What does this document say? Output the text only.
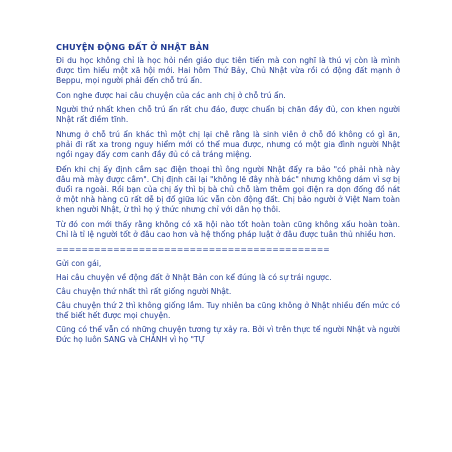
CHUYỆN ĐỘNG ĐẤT Ở NHẬT BẢN

Đi du học không chỉ là học hỏi nền giáo dục tiên tiến mà con nghĩ là thú vị còn là mình được tìm hiểu một xã hội mới. Hai hôm Thứ Bảy, Chủ Nhật vừa rồi có động đất mạnh ở Beppu, mọi người phải đến chỗ trú ẩn.

Con nghe được hai câu chuyện của các anh chị ở chỗ trú ẩn.

Người thứ nhất khen chỗ trú ẩn rất chu đáo, được chuẩn bị chăn đầy đủ, con khen người Nhật rất điềm tĩnh.

Nhưng ở chỗ trú ẩn khác thì một chị lại chê rằng là sinh viên ở chỗ đó không có gì ăn, phải đi rất xa trong nguy hiểm mới có thể mua được, nhưng có một gia đình người Nhật ngồi ngay đấy cơm canh đầy đủ có cả tráng miệng.

Đến khi chị ấy định cắm sạc điện thoại thì ông người Nhật đẩy ra bảo "có phải nhà này đâu mà mày được cắm". Chị định cãi lại "không lẽ đây nhà bác" nhưng không dám vì sợ bị đuổi ra ngoài. Rồi bạn của chị ấy thì bị bà chủ chỗ làm thêm gọi điện ra dọn đống đồ nát ở một nhà hàng cũ rất dễ bị đổ giữa lúc vẫn còn động đất. Chị bảo người ở Việt Nam toàn khen người Nhật, ừ thì họ ý thức nhưng chỉ với dân họ thôi.

Từ đó con mới thấy rằng không có xã hội nào tốt hoàn toàn cũng không xấu hoàn toàn. Chỉ là tỉ lệ người tốt ở đâu cao hơn và hệ thống pháp luật ở đâu được tuân thủ nhiều hơn.

===========================================

Gửi con gái,

Hai câu chuyện về động đất ở Nhật Bản con kể đúng là có sự trái ngược.

Câu chuyện thứ nhất thì rất giống người Nhật.

Câu chuyện thứ 2 thì không giống lắm. Tuy nhiên ba cũng không ở Nhật nhiều đến mức có thể biết hết được mọi chuyện.

Cũng có thể vẫn có những chuyện tương tự xảy ra. Bởi vì trên thực tế người Nhật và người Đức họ luôn SANG và CHẢNH vì họ "TỰ
